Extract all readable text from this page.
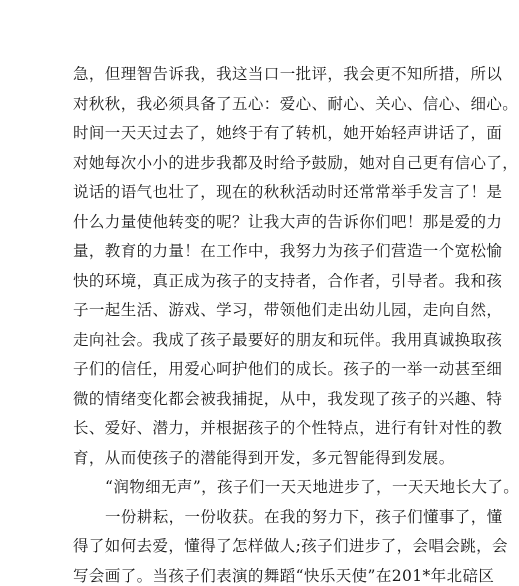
急，但理智告诉我，我这当口一批评，我会更不知所措，所以
对秋秋，我必须具备了五心：爱心、耐心、关心、信心、细心。
时间一天天过去了，她终于有了转机，她开始轻声讲话了，面
对她每次小小的进步我都及时给予鼓励，她对自己更有信心了，
说话的语气也壮了，现在的秋秋活动时还常常举手发言了！是
什么力量使他转变的呢？让我大声的告诉你们吧！那是爱的力
量，教育的力量！在工作中，我努力为孩子们营造一个宽松愉
快的环境，真正成为孩子的支持者，合作者，引导者。我和孩
子一起生活、游戏、学习，带领他们走出幼儿园，走向自然，
走向社会。我成了孩子最要好的朋友和玩伴。我用真诚换取孩
子们的信任，用爱心呵护他们的成长。孩子的一举一动甚至细
微的情绪变化都会被我捕捉，从中，我发现了孩子的兴趣、特
长、爱好、潜力，并根据孩子的个性特点，进行有针对性的教
育，从而使孩子的潜能得到开发，多元智能得到发展。
“润物细无声”，孩子们一天天地进步了，一天天地长大了。
一份耕耘，一份收获。在我的努力下，孩子们懂事了，懂
得了如何去爱，懂得了怎样做人;孩子们进步了，会唱会跳，会
写会画了。当孩子们表演的舞蹈“快乐天使”在201*年北碚区
